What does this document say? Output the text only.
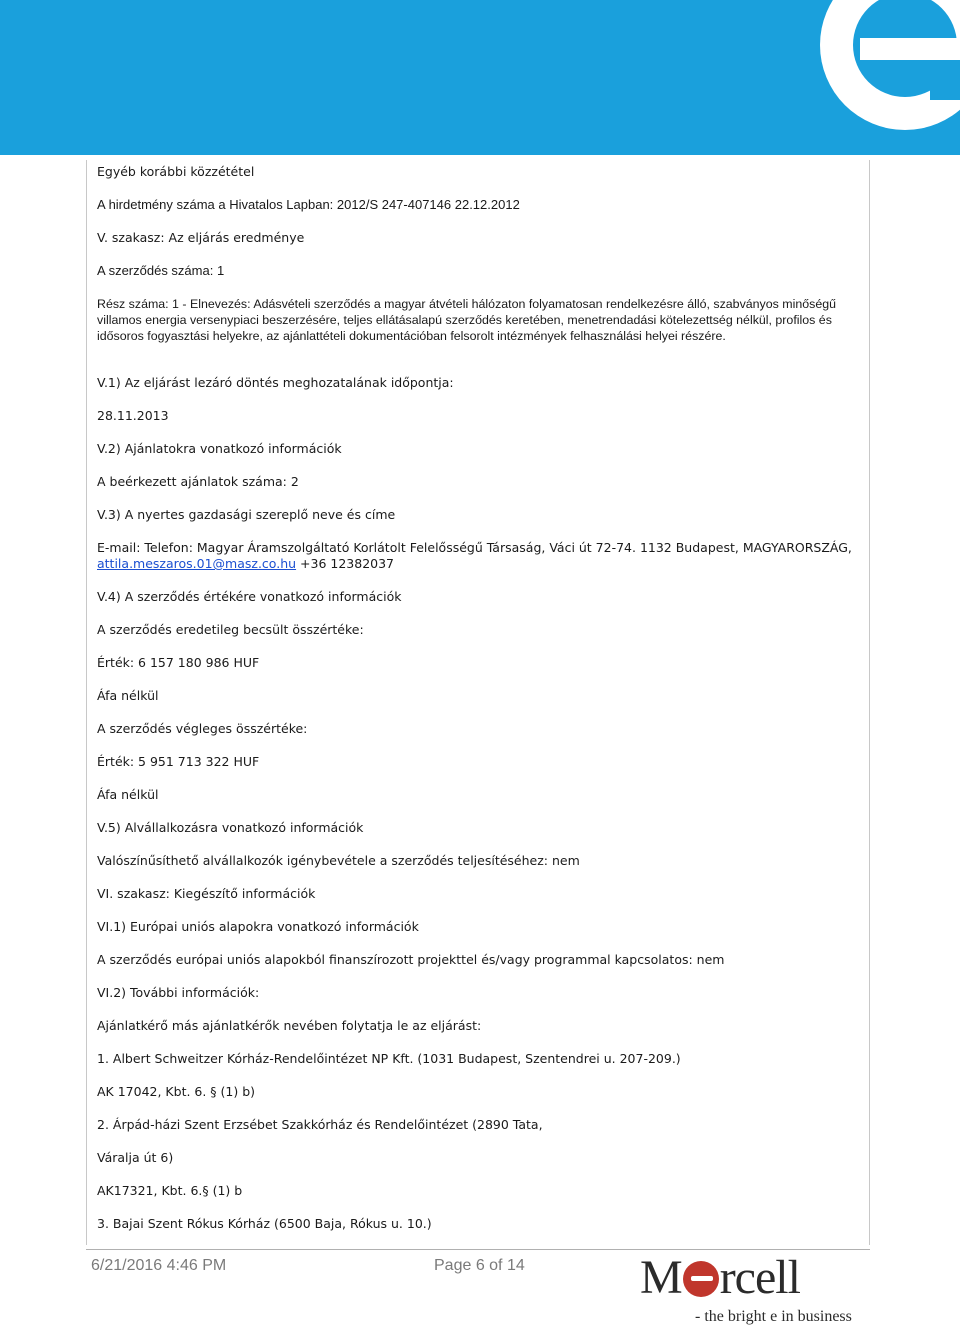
Egyéb korábbi közzététel
A hirdetmény száma a Hivatalos Lapban: 2012/S 247-407146 22.12.2012
V. szakasz: Az eljárás eredménye
A szerződés száma: 1
Rész száma: 1 - Elnevezés: Adásvételi szerződés a magyar átvételi hálózaton folyamatosan rendelkezésre álló, szabványos minőségű villamos energia versenypiaci beszerzésére, teljes ellátásalapú szerződés keretében, menetrendadási kötelezettség nélkül, profilos és idősoros fogyasztási helyekre, az ajánlattételi dokumentációban felsorolt intézmények felhasználási helyei részére.
V.1) Az eljárást lezáró döntés meghozatalának időpontja:
28.11.2013
V.2) Ajánlatokra vonatkozó információk
A beérkezett ajánlatok száma: 2
V.3) A nyertes gazdasági szereplő neve és címe
E-mail: Telefon: Magyar Áramszolgáltató Korlátolt Felelősségű Társaság, Váci út 72-74. 1132 Budapest, MAGYARORSZÁG,
attila.meszaros.01@masz.co.hu +36 12382037
V.4) A szerződés értékére vonatkozó információk
A szerződés eredetileg becsült összértéke:
Érték: 6 157 180 986 HUF
Áfa nélkül
A szerződés végleges összértéke:
Érték: 5 951 713 322 HUF
Áfa nélkül
V.5) Alvállalkozásra vonatkozó információk
Valószínűsíthető alvállalkozók igénybevétele a szerződés teljesítéséhez: nem
VI. szakasz: Kiegészítő információk
VI.1) Európai uniós alapokra vonatkozó információk
A szerződés európai uniós alapokból finanszírozott projekttel és/vagy programmal kapcsolatos: nem
VI.2) További információk:
Ajánlatkérő más ajánlatkérők nevében folytatja le az eljárást:
1. Albert Schweitzer Kórház-Rendelőintézet NP Kft. (1031 Budapest, Szentendrei u. 207-209.)
AK 17042, Kbt. 6. § (1) b)
2. Árpád-házi Szent Erzsébet Szakkórház és Rendelőintézet (2890 Tata,
Váralja út 6)
AK17321, Kbt. 6.§ (1) b
3. Bajai Szent Rókus Kórház (6500 Baja, Rókus u. 10.)
6/21/2016 4:46 PM	Page 6 of 14 M rcell
- the bright e in business
